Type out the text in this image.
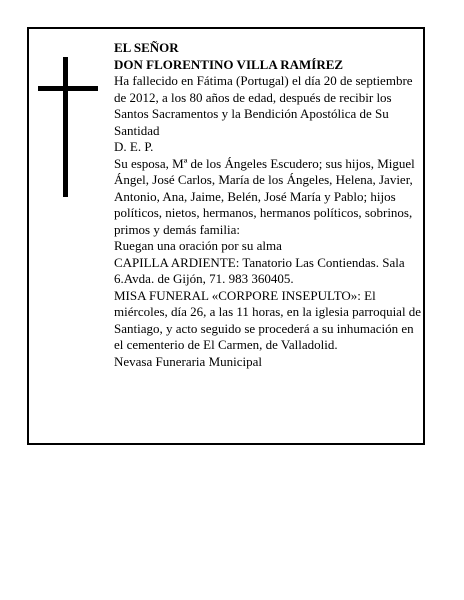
EL SEÑOR

DON FLORENTINO VILLA RAMÍREZ

Ha fallecido en Fátima (Portugal) el día 20 de septiembre de 2012, a los 80 años de edad, después de recibir los Santos Sacramentos y la Bendición Apostólica de Su Santidad

D. E. P.

Su esposa, Mª de los Ángeles Escudero; sus hijos, Miguel Ángel, José Carlos, María de los Ángeles, Helena, Javier, Antonio, Ana, Jaime, Belén, José María y Pablo; hijos políticos, nietos, hermanos, hermanos políticos, sobrinos, primos y demás familia:

Ruegan una oración por su alma

CAPILLA ARDIENTE: Tanatorio Las Contiendas. Sala 6.Avda. de Gijón, 71. 983 360405.

MISA FUNERAL «CORPORE INSEPULTO»: El miércoles, día 26, a las 11 horas, en la iglesia parroquial de Santiago, y acto seguido se procederá a su inhumación en el cementerio de El Carmen, de Valladolid.

Nevasa Funeraria Municipal
